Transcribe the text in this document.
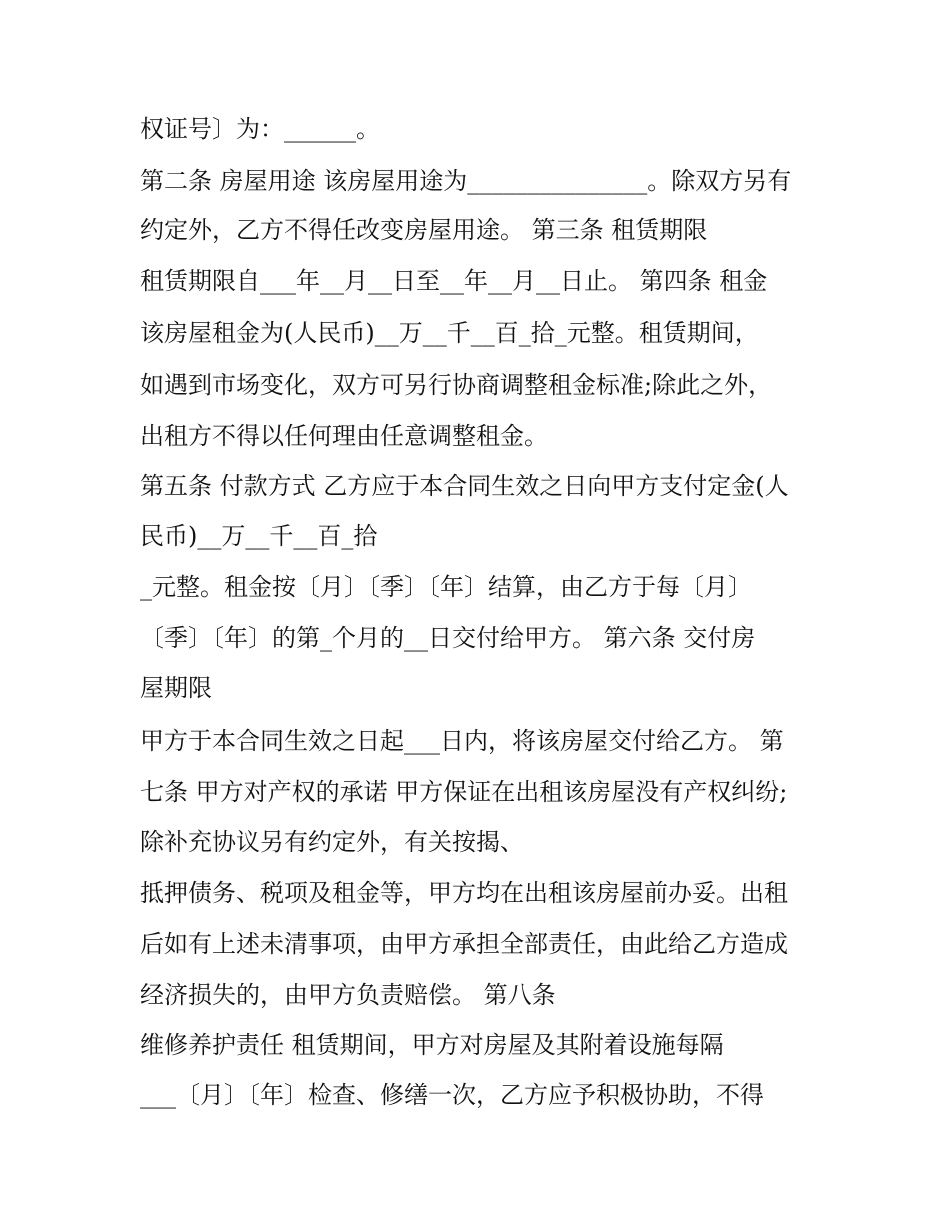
权证号〕为：______。

第二条 房屋用途 该房屋用途为_______________。除双方另有

约定外，乙方不得任改变房屋用途。 第三条 租赁期限

租赁期限自___年__月__日至__年__月__日止。 第四条 租金

该房屋租金为(人民币)__万__千__百_拾_元整。租赁期间，

如遇到市场变化，双方可另行协商调整租金标准;除此之外，

出租方不得以任何理由任意调整租金。

第五条 付款方式 乙方应于本合同生效之日向甲方支付定金(人

民币)__万__千__百_拾

_元整。租金按〔月〕〔季〕〔年〕结算，由乙方于每〔月〕

〔季〕〔年〕的第_个月的__日交付给甲方。 第六条 交付房

屋期限

甲方于本合同生效之日起___日内，将该房屋交付给乙方。 第

七条 甲方对产权的承诺 甲方保证在出租该房屋没有产权纠纷;

除补充协议另有约定外，有关按揭、

抵押债务、税项及租金等，甲方均在出租该房屋前办妥。出租

后如有上述未清事项，由甲方承担全部责任，由此给乙方造成

经济损失的，由甲方负责赔偿。 第八条

维修养护责任 租赁期间，甲方对房屋及其附着设施每隔

___〔月〕〔年〕检查、修缮一次，乙方应予积极协助，不得
